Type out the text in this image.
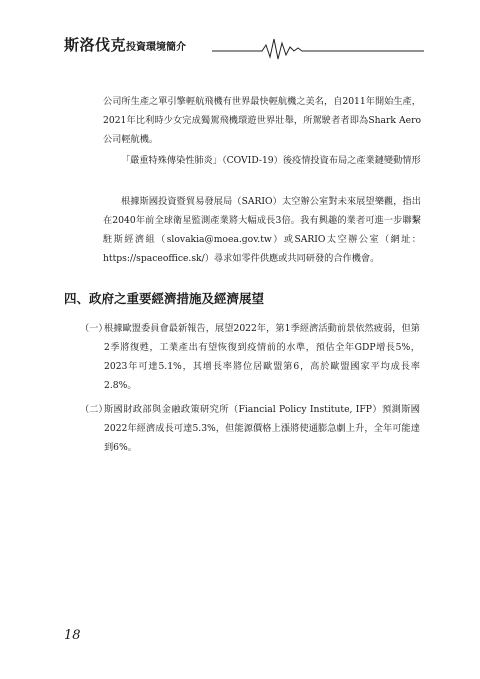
斯洛伐克投資環境簡介

公司所生產之單引擎輕航飛機有世界最快輕航機之美名，自2011年開始生產，2021年比利時少女完成獨駕飛機環遊世界壯舉，所駕駛者者即為Shark Aero公司輕航機。

「嚴重特殊傳染性肺炎」（COVID-19）後疫情投資布局之產業鏈變動情形

根據斯國投資暨貿易發展局（SARIO）太空辦公室對未來展望樂觀，指出在2040年前全球衛星監測產業將大幅成長3倍。我有興趣的業者可進一步聯繫駐斯經濟組（slovakia@moea.gov.tw）或SARIO太空辦公室（網址：https://spaceoffice.sk/）尋求如零件供應或共同研發的合作機會。

四、政府之重要經濟措施及經濟展望
（一）
根據歐盟委員會最新報告，展望2022年，第1季經濟活動前景依然疲弱，但第2季將復甦，工業產出有望恢復到疫情前的水準，預估全年GDP增長5%，2023年可達5.1%，其增長率將位居歐盟第6，高於歐盟國家平均成長率2.8%。
（二）
斯國財政部與金融政策研究所（Fiancial Policy Institute, IFP）預測斯國2022年經濟成長可達5.3%，但能源價格上漲將使通膨急劇上升，全年可能達到6%。
18
